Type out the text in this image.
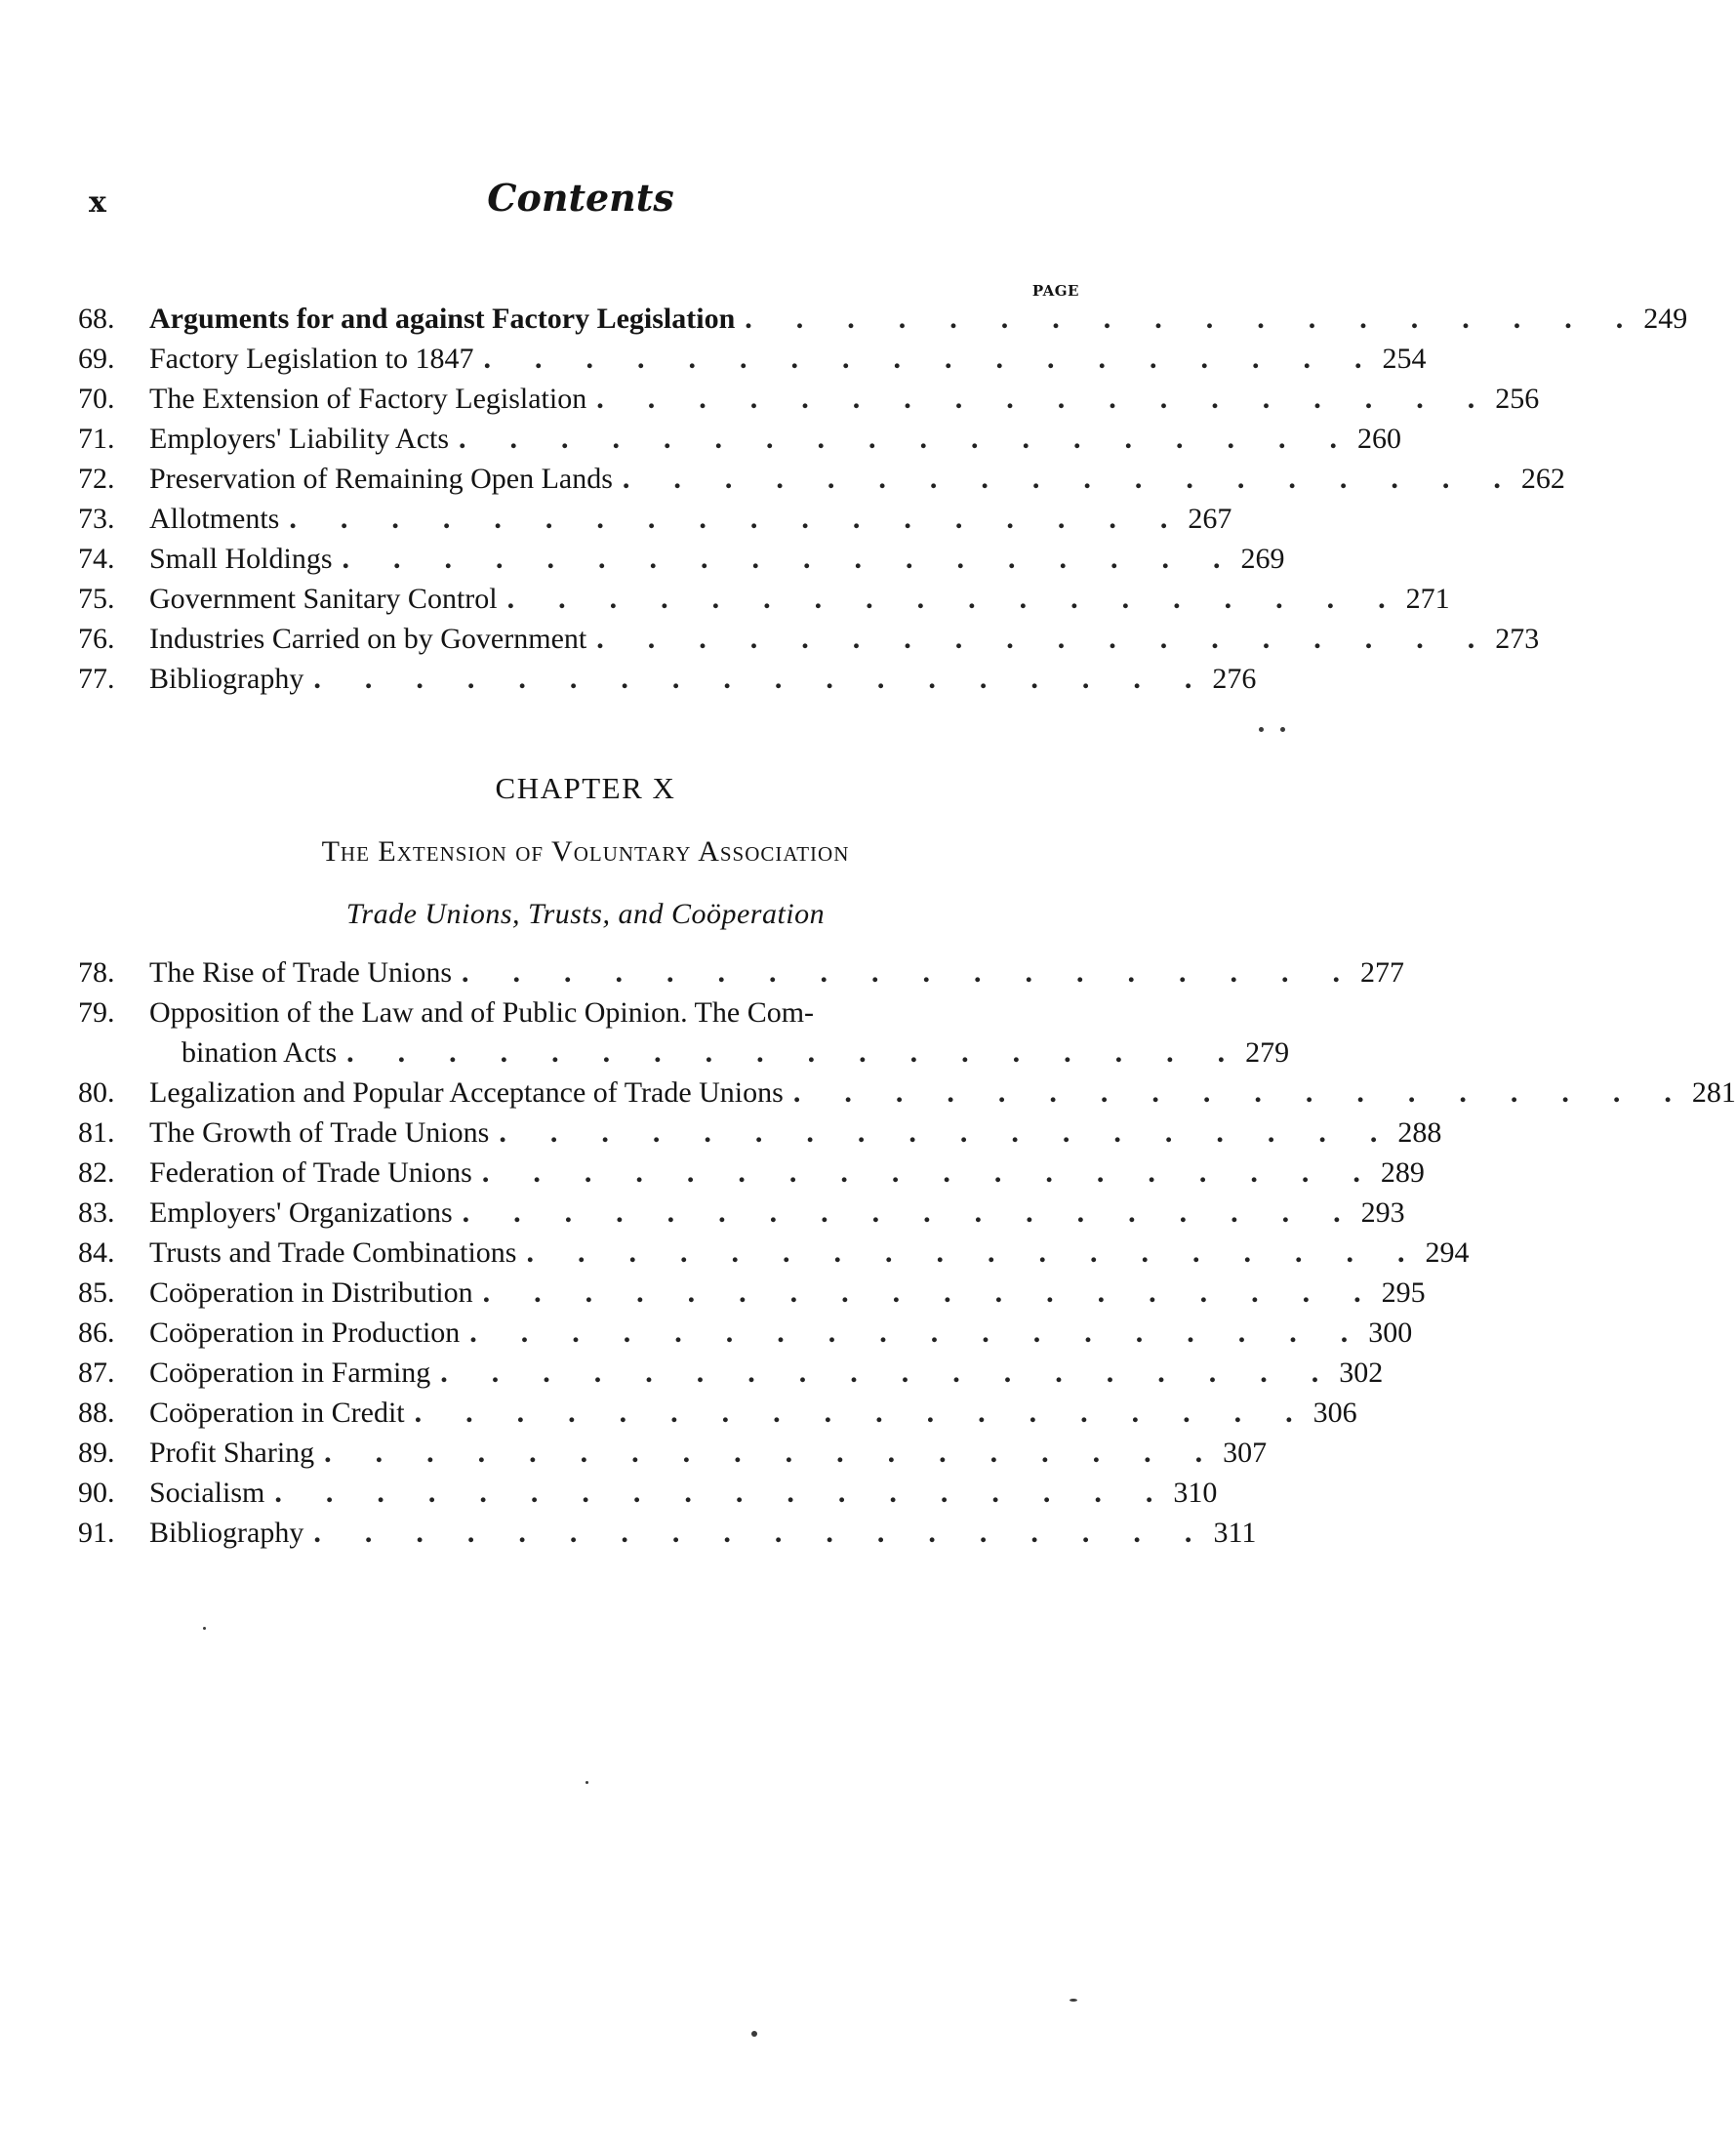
x	Contents
PAGE
68.	Arguments for and against Factory Legislation .	249
69.	Factory Legislation to 1847 .	254
70.	The Extension of Factory Legislation .	256
71.	Employers' Liability Acts .	260
72.	Preservation of Remaining Open Lands .	262
73.	Allotments .	267
74.	Small Holdings .	269
75.	Government Sanitary Control .	271
76.	Industries Carried on by Government .	273
77.	Bibliography .	276
CHAPTER X
The Extension of Voluntary Association
Trade Unions, Trusts, and Coöperation
78.	The Rise of Trade Unions .	277
79.	Opposition of the Law and of Public Opinion. The Com-
bination Acts .	279
80.	Legalization and Popular Acceptance of Trade Unions .	281
81.	The Growth of Trade Unions .	288
82.	Federation of Trade Unions .	289
83.	Employers' Organizations .	293
84.	Trusts and Trade Combinations .	294
85.	Coöperation in Distribution .	295
86.	Coöperation in Production .	300
87.	Coöperation in Farming .	302
88.	Coöperation in Credit .	306
89.	Profit Sharing .	307
90.	Socialism .	310
91.	Bibliography .	311
